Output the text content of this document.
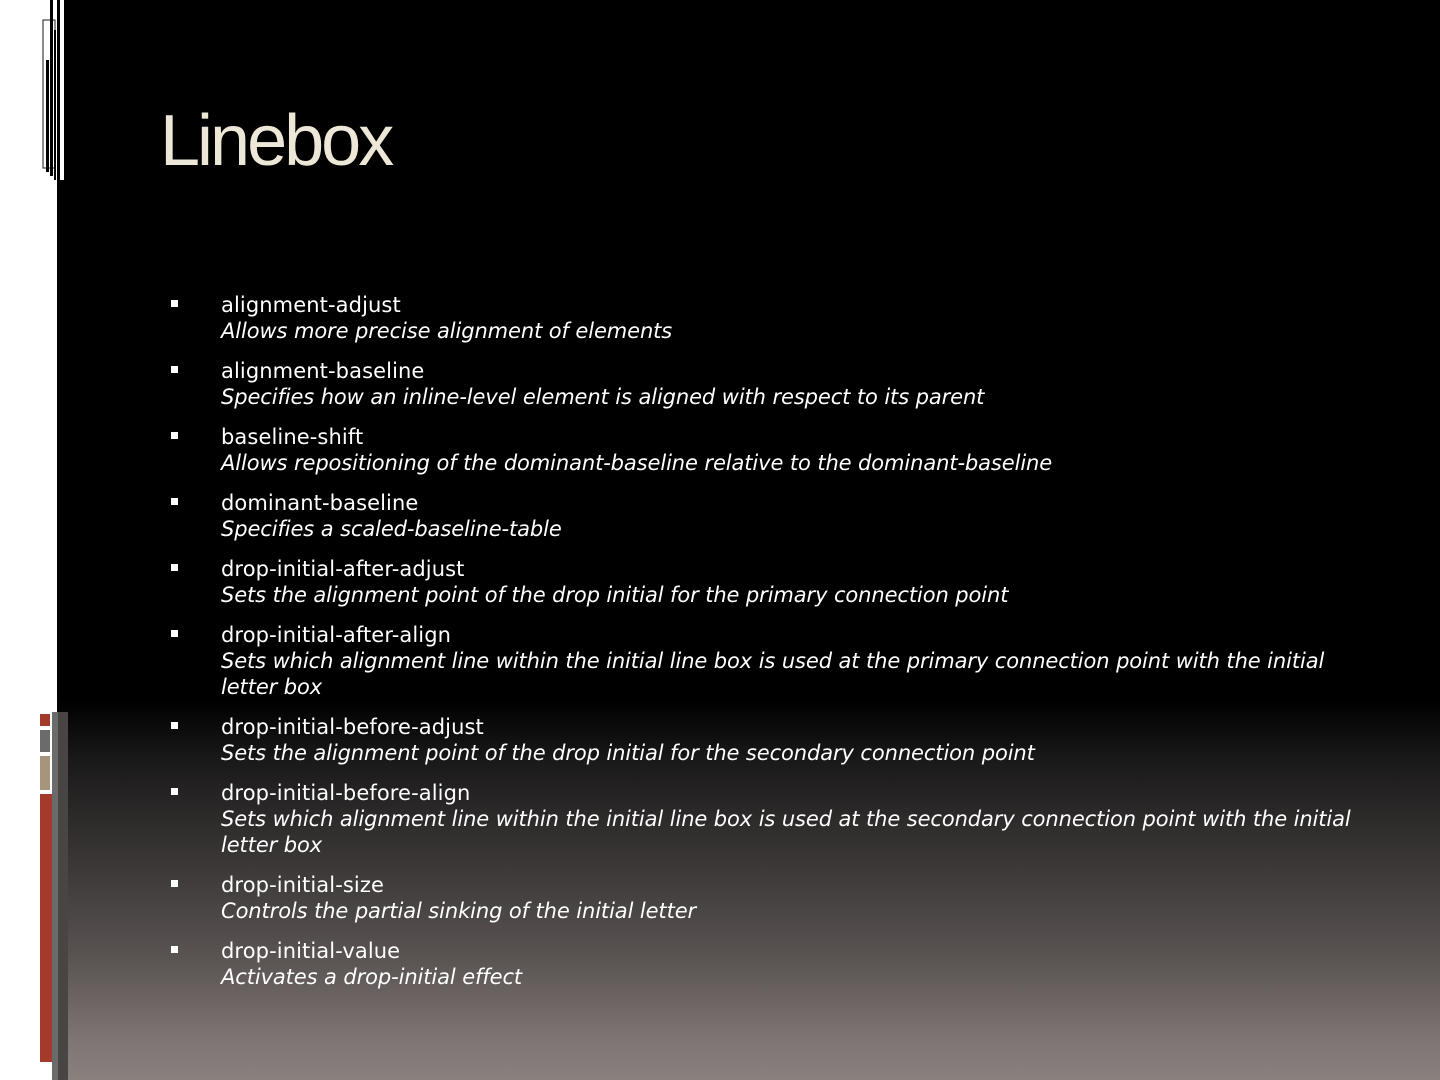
Linebox
alignment-adjust
Allows more precise alignment of elements
alignment-baseline
Specifies how an inline-level element is aligned with respect to its parent
baseline-shift
Allows repositioning of the dominant-baseline relative to the dominant-baseline
dominant-baseline
Specifies a scaled-baseline-table
drop-initial-after-adjust
Sets the alignment point of the drop initial for the primary connection point
drop-initial-after-align
Sets which alignment line within the initial line box is used at the primary connection point with the initial letter box
drop-initial-before-adjust
Sets the alignment point of the drop initial for the secondary connection point
drop-initial-before-align
Sets which alignment line within the initial line box is used at the secondary connection point with the initial letter box
drop-initial-size
Controls the partial sinking of the initial letter
drop-initial-value
Activates a drop-initial effect
